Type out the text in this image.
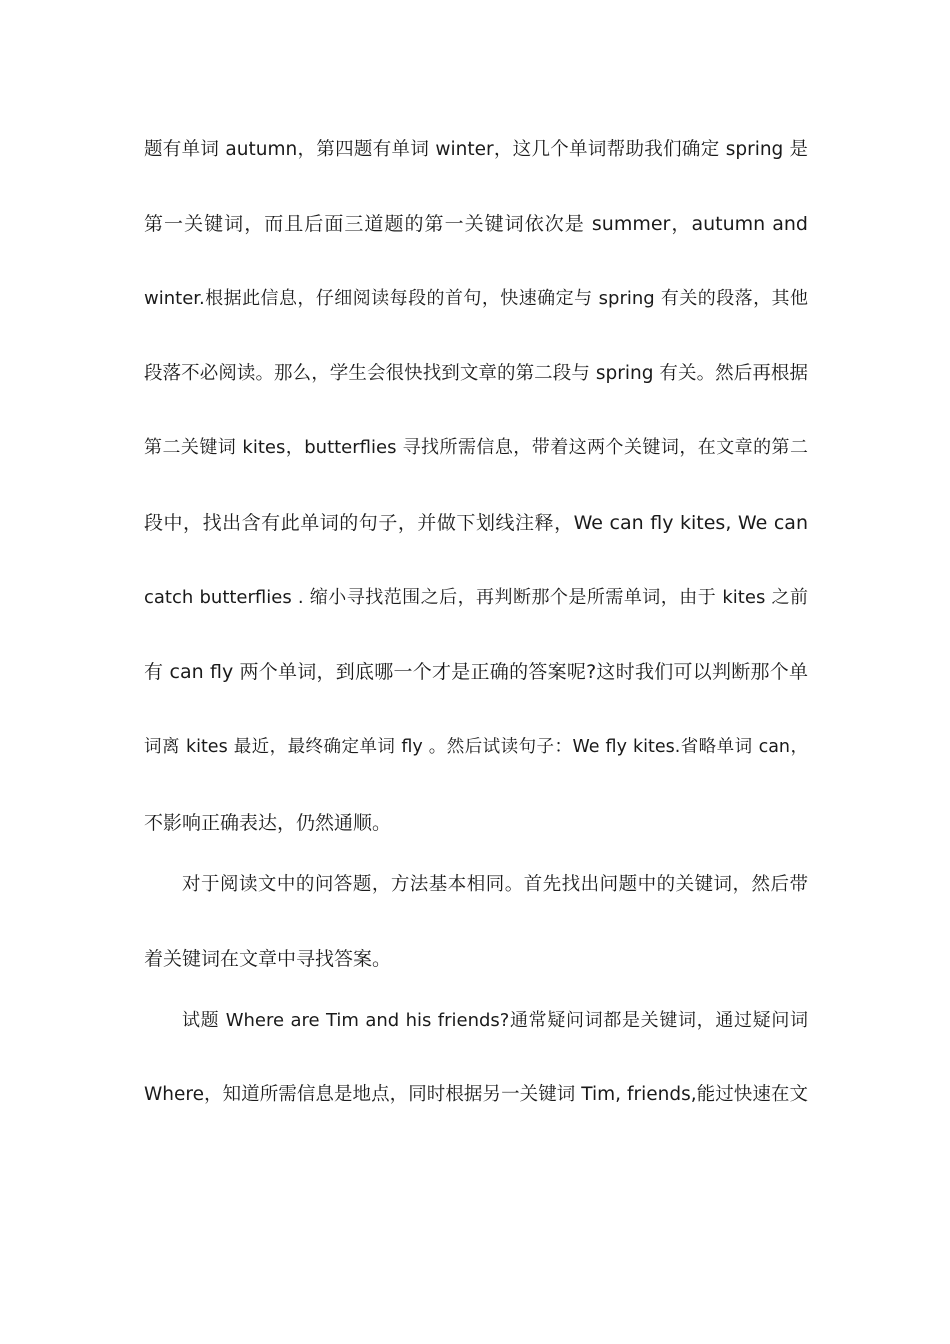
题有单词 autumn，第四题有单词 winter，这几个单词帮助我们确定 spring 是
第一关键词，而且后面三道题的第一关键词依次是 summer，autumn and
winter.根据此信息，仔细阅读每段的首句，快速确定与 spring 有关的段落，其他
段落不必阅读。那么，学生会很快找到文章的第二段与 spring 有关。然后再根据
第二关键词 kites，butterflies 寻找所需信息，带着这两个关键词，在文章的第二
段中，找出含有此单词的句子，并做下划线注释，We can fly kites, We can
catch butterflies . 缩小寻找范围之后，再判断那个是所需单词，由于 kites 之前
有 can fly 两个单词，到底哪一个才是正确的答案呢?这时我们可以判断那个单
词离 kites 最近，最终确定单词 fly 。然后试读句子：We fly kites.省略单词 can，
不影响正确表达，仍然通顺。
对于阅读文中的问答题，方法基本相同。首先找出问题中的关键词，然后带
着关键词在文章中寻找答案。
试题 Where are Tim and his friends?通常疑问词都是关键词，通过疑问词
Where，知道所需信息是地点，同时根据另一关键词 Tim, friends,能过快速在文
